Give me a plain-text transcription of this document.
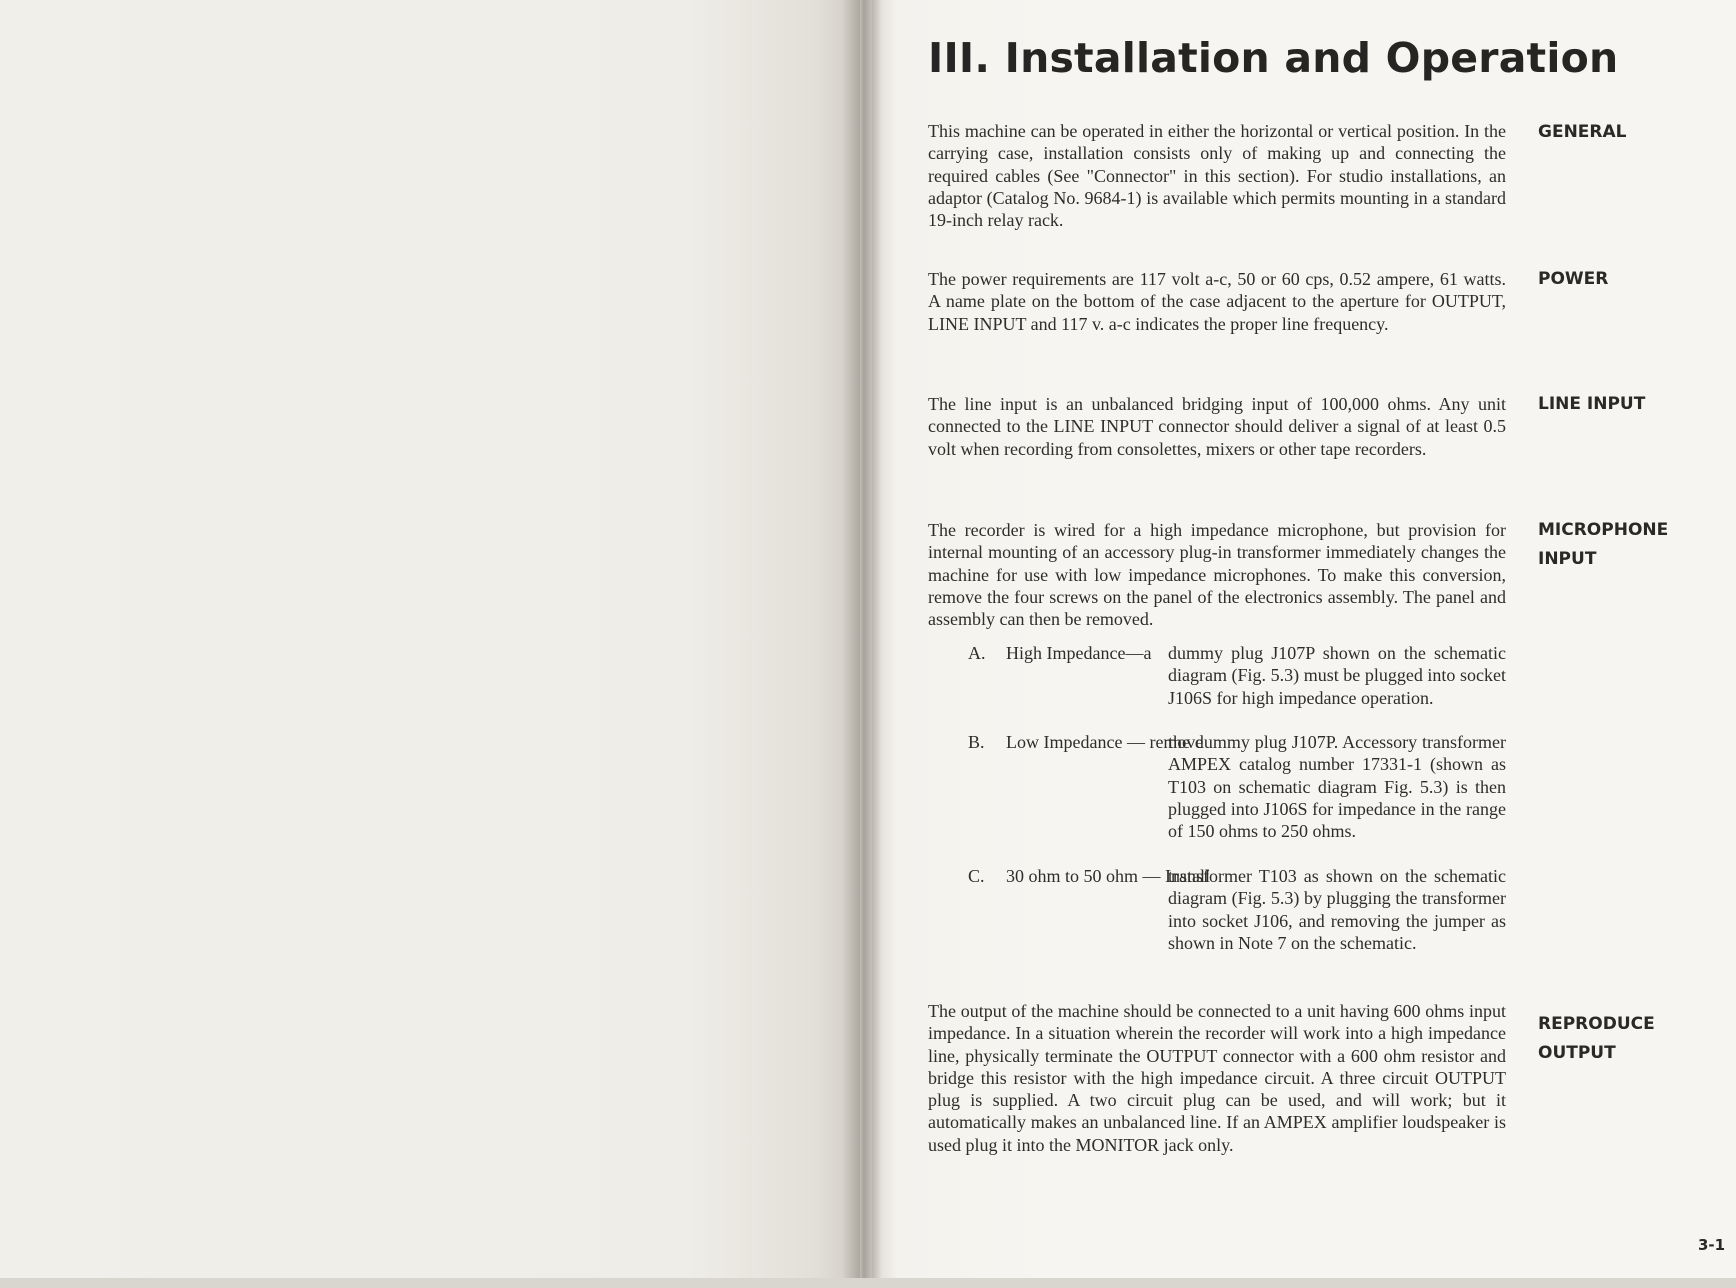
III. Installation and Operation

This machine can be operated in either the horizontal or vertical position. In the carrying case, installation consists only of making up and connecting the required cables (See "Connector" in this section). For studio installations, an adaptor (Catalog No. 9684-1) is available which permits mounting in a standard 19-inch relay rack.

GENERAL

The power requirements are 117 volt a-c, 50 or 60 cps, 0.52 ampere, 61 watts. A name plate on the bottom of the case adjacent to the aperture for OUTPUT, LINE INPUT and 117 v. a-c indicates the proper line frequency.

POWER

The line input is an unbalanced bridging input of 100,000 ohms. Any unit connected to the LINE INPUT connector should deliver a signal of at least 0.5 volt when recording from consolettes, mixers or other tape recorders.

LINE INPUT

The recorder is wired for a high impedance microphone, but provision for internal mounting of an accessory plug-in transformer immediately changes the machine for use with low impedance microphones. To make this conversion, remove the four screws on the panel of the electronics assembly. The panel and assembly can then be removed.

MICROPHONE
INPUT
A. High Impedance—a dummy plug J107P shown on the schematic diagram (Fig. 5.3) must be plugged into socket J106S for high impedance operation.
B. Low Impedance — remove
the dummy plug J107P. Accessory transformer AMPEX catalog number 17331-1 (shown as T103 on schematic diagram Fig. 5.3) is then plugged into J106S for impedance in the range of 150 ohms to 250 ohms.
C. 30 ohm to 50 ohm — Install
transformer T103 as shown on the schematic diagram (Fig. 5.3) by plugging the transformer into socket J106, and removing the jumper as shown in Note 7 on the schematic.

The output of the machine should be connected to a unit having 600 ohms input impedance. In a situation wherein the recorder will work into a high impedance line, physically terminate the OUTPUT connector with a 600 ohm resistor and bridge this resistor with the high impedance circuit. A three circuit OUTPUT plug is supplied. A two circuit plug can be used, and will work; but it automatically makes an unbalanced line. If an AMPEX amplifier loudspeaker is used plug it into the MONITOR jack only.

REPRODUCE
OUTPUT
3-1
